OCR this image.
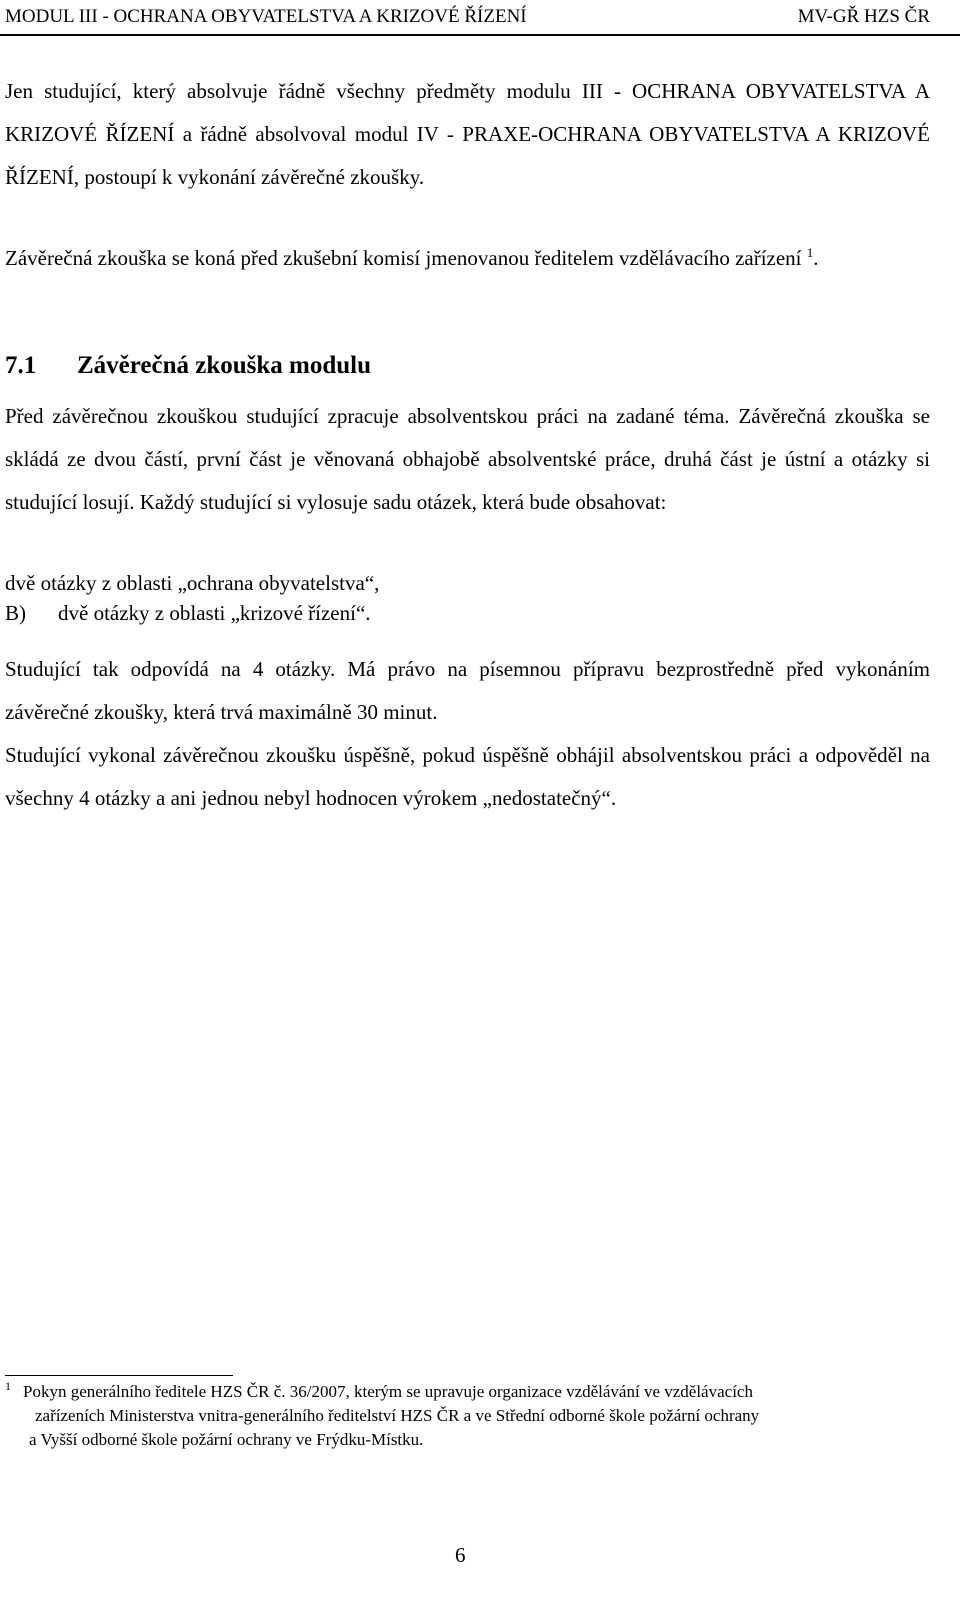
MODUL III - OCHRANA OBYVATELSTVA A KRIZOVÉ ŘÍZENÍ	MV-GŘ HZS ČR

Jen studující, který absolvuje řádně všechny předměty modulu III - OCHRANA OBYVATELSTVA A KRIZOVÉ ŘÍZENÍ a řádně absolvoval modul IV - PRAXE-OCHRANA OBYVATELSTVA A KRIZOVÉ ŘÍZENÍ, postoupí k vykonání závěrečné zkoušky.

Závěrečná zkouška se koná před zkušební komisí jmenovanou ředitelem vzdělávacího zařízení $^1$.

7.1 Závěrečná zkouška modulu

Před závěrečnou zkouškou studující zpracuje absolventskou práci na zadané téma. Závěrečná zkouška se skládá ze dvou částí, první část je věnovaná obhajobě absolventské práce, druhá část je ústní a otázky si studující losují. Každý studující si vylosuje sadu otázek, která bude obsahovat:

dvě otázky z oblasti „ochrana obyvatelstva“,
B) dvě otázky z oblasti „krizové řízení“.

Studující tak odpovídá na 4 otázky. Má právo na písemnou přípravu bezprostředně před vykonáním závěrečné zkoušky, která trvá maximálně 30 minut.

Studující vykonal závěrečnou zkoušku úspěšně, pokud úspěšně obhájil absolventskou práci a odpověděl na všechny 4 otázky a ani jednou nebyl hodnocen výrokem „nedostatečný“.

1 Pokyn generálního ředitele HZS ČR č. 36/2007, kterým se upravuje organizace vzdělávání ve vzdělávacích
zařízeních Ministerstva vnitra-generálního ředitelství HZS ČR a ve Střední odborné škole požární ochrany
a Vyšší odborné škole požární ochrany ve Frýdku-Místku.
6
